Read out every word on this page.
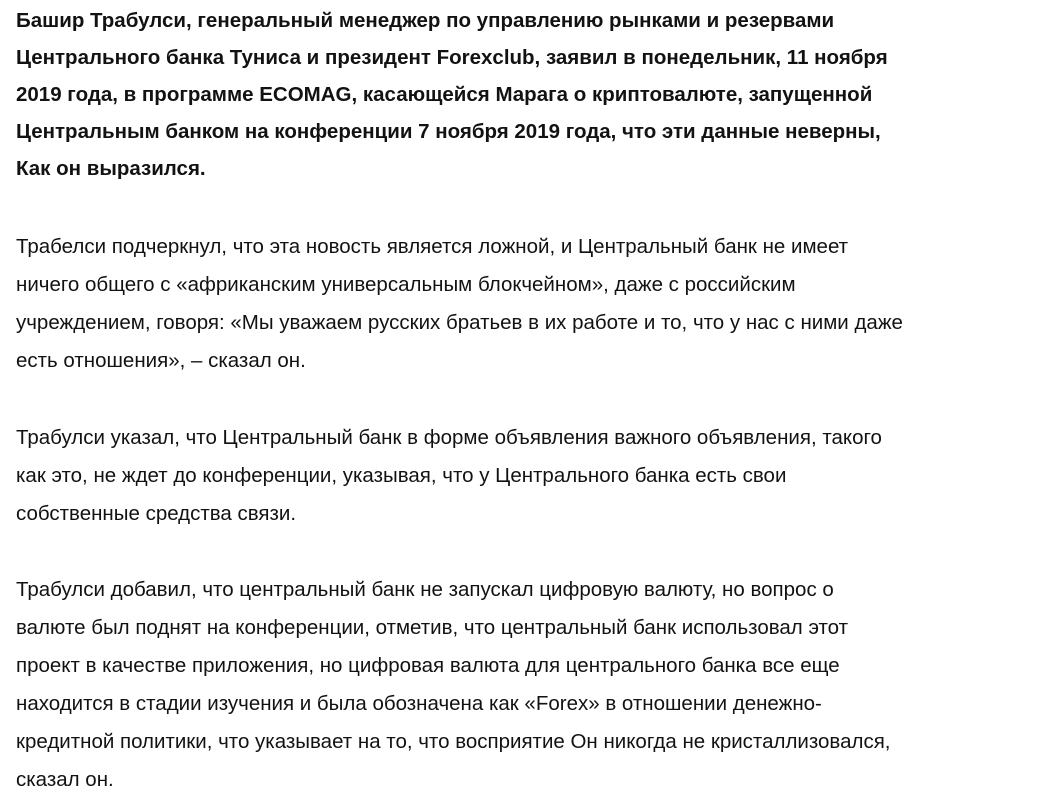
Башир Трабулси, генеральный менеджер по управлению рынками и резервами
Центрального банка Туниса и президент Forexclub, заявил в понедельник, 11 ноября
2019 года, в программе ECOMAG, касающейся Марага о криптовалюте, запущенной
Центральным банком на конференции 7 ноября 2019 года, что эти данные неверны,
Как он выразился.

Трабелси подчеркнул, что эта новость является ложной, и Центральный банк не имеет
ничего общего с «африканским универсальным блокчейном», даже с российским
учреждением, говоря: «Мы уважаем русских братьев в их работе и то, что у нас с ними даже
есть отношения», – сказал он.

Трабулси указал, что Центральный банк в форме объявления важного объявления, такого
как это, не ждет до конференции, указывая, что у Центрального банка есть свои
собственные средства связи.

Трабулси добавил, что центральный банк не запускал цифровую валюту, но вопрос о
валюте был поднят на конференции, отметив, что центральный банк использовал этот
проект в качестве приложения, но цифровая валюта для центрального банка все еще
находится в стадии изучения и была обозначена как «Forex» в отношении денежно-
кредитной политики, что указывает на то, что восприятие Он никогда не кристаллизовался,
сказал он.
